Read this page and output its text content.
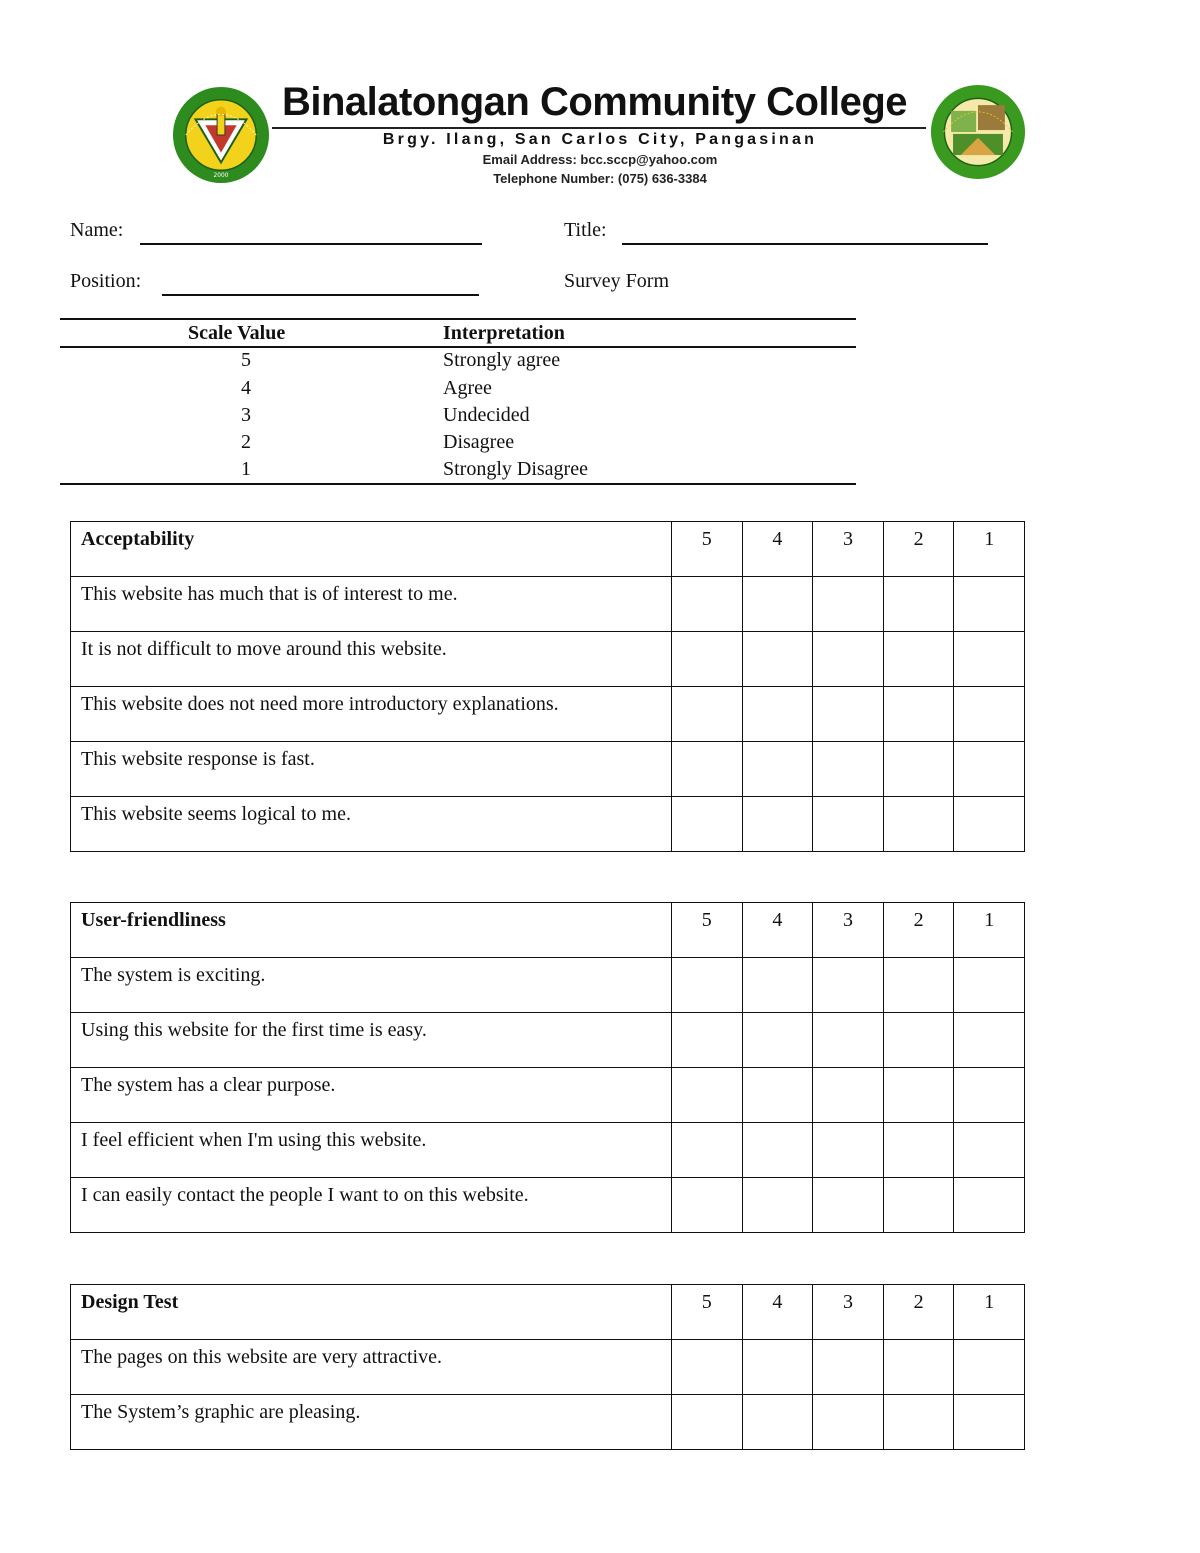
2000
Binalatongan Community College
Brgy. Ilang, San Carlos City, Pangasinan
Email Address: bcc.sccp@yahoo.com
Telephone Number: (075) 636-3384
Name:	Title:
Position:	Survey Form
Scale Value	Interpretation
5	Strongly agree
4	Agree
3	Undecided
2	Disagree
1	Strongly Disagree
Acceptability	5	4	3	2	1
This website has much that is of interest to me.					
It is not difficult to move around this website.					
This website does not need more introductory explanations.					
This website response is fast.					
This website seems logical to me.					
User-friendliness	5	4	3	2	1
The system is exciting.					
Using this website for the first time is easy.					
The system has a clear purpose.					
I feel efficient when I'm using this website.					
I can easily contact the people I want to on this website.					
Design Test	5	4	3	2	1
The pages on this website are very attractive.					
The System’s graphic are pleasing.					
